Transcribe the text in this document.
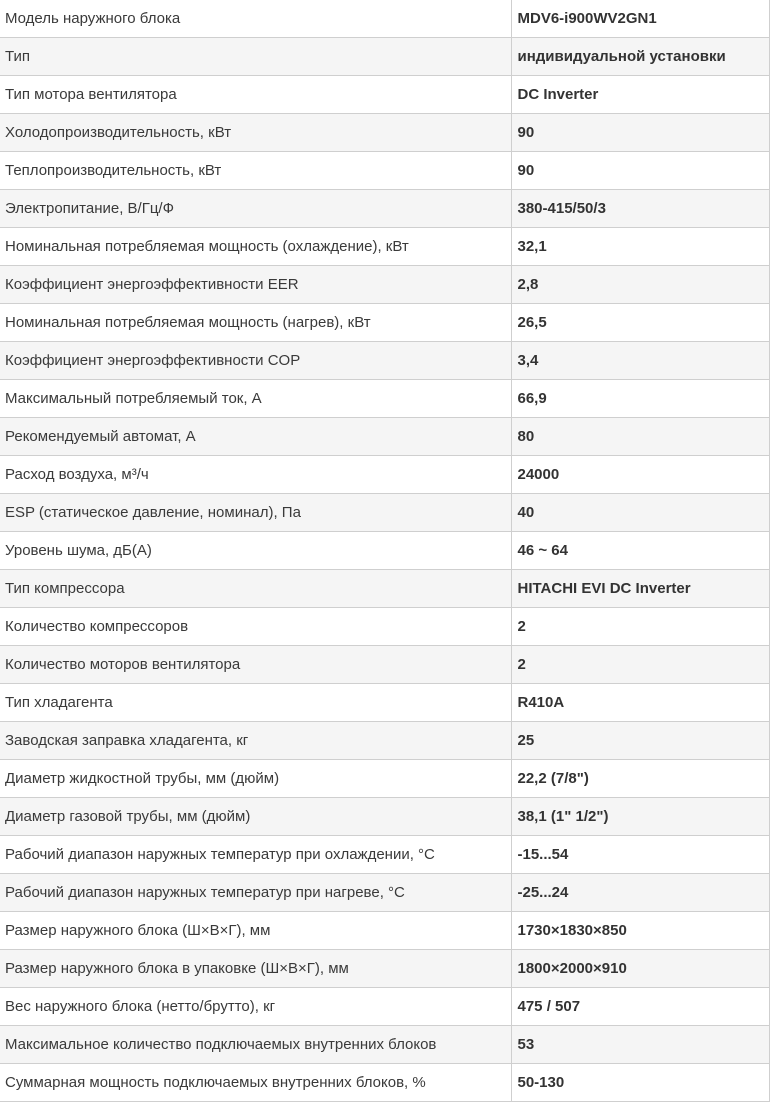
Модель наружного блока	MDV6-i900WV2GN1
Тип	индивидуальной установки
Тип мотора вентилятора	DC Inverter
Холодопроизводительность, кВт	90
Теплопроизводительность, кВт	90
Электропитание, В/Гц/Ф	380-415/50/3
Номинальная потребляемая мощность (охлаждение), кВт	32,1
Коэффициент энергоэффективности EER	2,8
Номинальная потребляемая мощность (нагрев), кВт	26,5
Коэффициент энергоэффективности COP	3,4
Максимальный потребляемый ток, А	66,9
Рекомендуемый автомат, А	80
Расход воздуха, м³/ч	24000
ESP (статическое давление, номинал), Па	40
Уровень шума, дБ(А)	46 ~ 64
Тип компрессора	HITACHI EVI DC Inverter
Количество компрессоров	2
Количество моторов вентилятора	2
Тип хладагента	R410A
Заводская заправка хладагента, кг	25
Диаметр жидкостной трубы, мм (дюйм)	22,2 (7/8")
Диаметр газовой трубы, мм (дюйм)	38,1 (1" 1/2")
Рабочий диапазон наружных температур при охлаждении, °С	-15...54
Рабочий диапазон наружных температур при нагреве, °С	-25...24
Размер наружного блока (Ш×В×Г), мм	1730×1830×850
Размер наружного блока в упаковке (Ш×В×Г), мм	1800×2000×910
Вес наружного блока (нетто/брутто), кг	475 / 507
Максимальное количество подключаемых внутренних блоков	53
Суммарная мощность подключаемых внутренних блоков, %	50-130
